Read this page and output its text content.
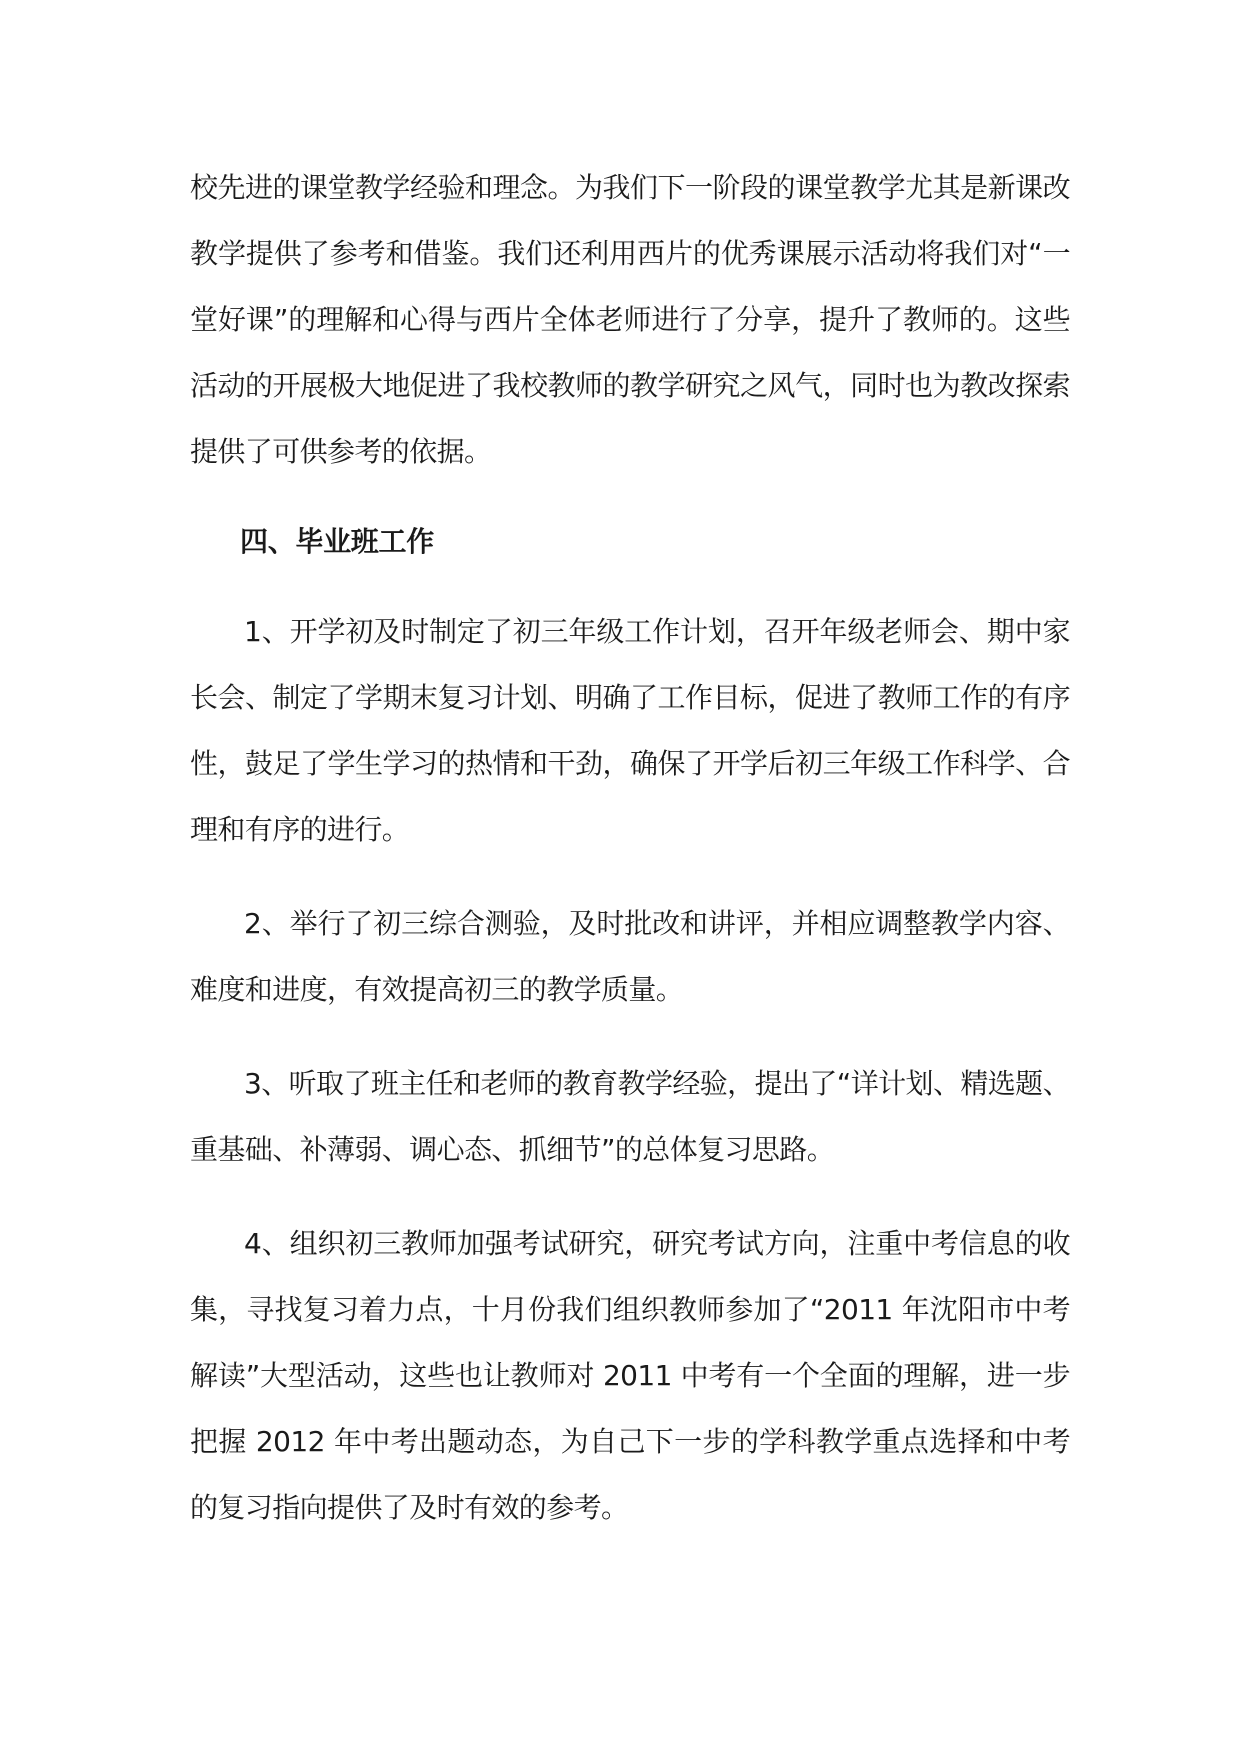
校先进的课堂教学经验和理念。为我们下一阶段的课堂教学尤其是新课改教学提供了参考和借鉴。我们还利用西片的优秀课展示活动将我们对“一堂好课”的理解和心得与西片全体老师进行了分享，提升了教师的。这些活动的开展极大地促进了我校教师的教学研究之风气，同时也为教改探索提供了可供参考的依据。

四、毕业班工作

1、开学初及时制定了初三年级工作计划，召开年级老师会、期中家长会、制定了学期末复习计划、明确了工作目标，促进了教师工作的有序性，鼓足了学生学习的热情和干劲，确保了开学后初三年级工作科学、合理和有序的进行。

2、举行了初三综合测验，及时批改和讲评，并相应调整教学内容、难度和进度，有效提高初三的教学质量。

3、听取了班主任和老师的教育教学经验，提出了“详计划、精选题、重基础、补薄弱、调心态、抓细节”的总体复习思路。

4、组织初三教师加强考试研究，研究考试方向，注重中考信息的收集，寻找复习着力点，十月份我们组织教师参加了“2011 年沈阳市中考解读”大型活动，这些也让教师对 2011 中考有一个全面的理解，进一步把握 2012 年中考出题动态，为自己下一步的学科教学重点选择和中考的复习指向提供了及时有效的参考。
